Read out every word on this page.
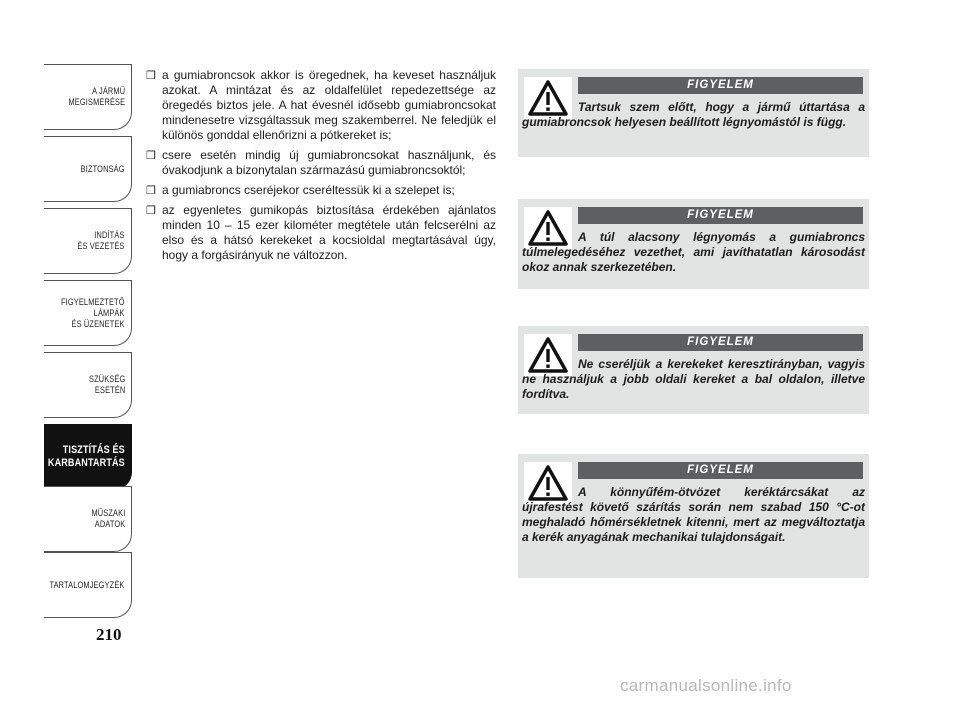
A JÁRMŰ
MEGISMERÉSE
BIZTONSÁG
INDÍTÁS
ÉS VEZETÉS
FIGYELMEZTETŐ
LÁMPÁK
ÉS ÜZENETEK
SZÜKSÉG
ESETÉN
TISZTÍTÁS ÉS
KARBANTARTÁS
MŰSZAKI
ADATOK
TARTALOMJEGYZÉK
210
❒ a gumiabroncsok akkor is öregednek, ha keveset használjuk azokat. A mintázat és az oldalfelület repedezettsége az öregedés biztos jele. A hat évesnél idősebb gumiabroncsokat mindenesetre vizsgáltassuk meg szakemberrel. Ne feledjük el különös gonddal ellenőrizni a pótkereket is;
❒ csere esetén mindig új gumiabroncsokat használjunk, és óvakodjunk a bizonytalan származású gumiabroncsoktól;
❒ a gumiabroncs cseréjekor cseréltessük ki a szelepet is;
❒ az egyenletes gumikopás biztosítása érdekében ajánlatos minden 10 – 15 ezer kilométer megtétele után felcserélni az elso és a hátsó kerekeket a kocsioldal megtartásával úgy, hogy a forgásirányuk ne változzon.
FIGYELEM
Tartsuk szem előtt, hogy a jármű úttartása a gumiabroncsok helyesen beállított légnyomástól is függ.
FIGYELEM
A túl alacsony légnyomás a gumiabroncs túlmelegedéséhez vezethet, ami javíthatatlan károsodást okoz annak szerkezetében.
FIGYELEM
Ne cseréljük a kerekeket keresztirányban, vagyis ne használjuk a jobb oldali kereket a bal oldalon, illetve fordítva.
FIGYELEM
A könnyűfém-ötvözet keréktárcsákat az újrafestést követő szárítás során nem szabad 150 °C-ot meghaladó hőmérsékletnek kitenni, mert az megváltoztatja a kerék anyagának mechanikai tulajdonságait.
carmanualsonline.info
